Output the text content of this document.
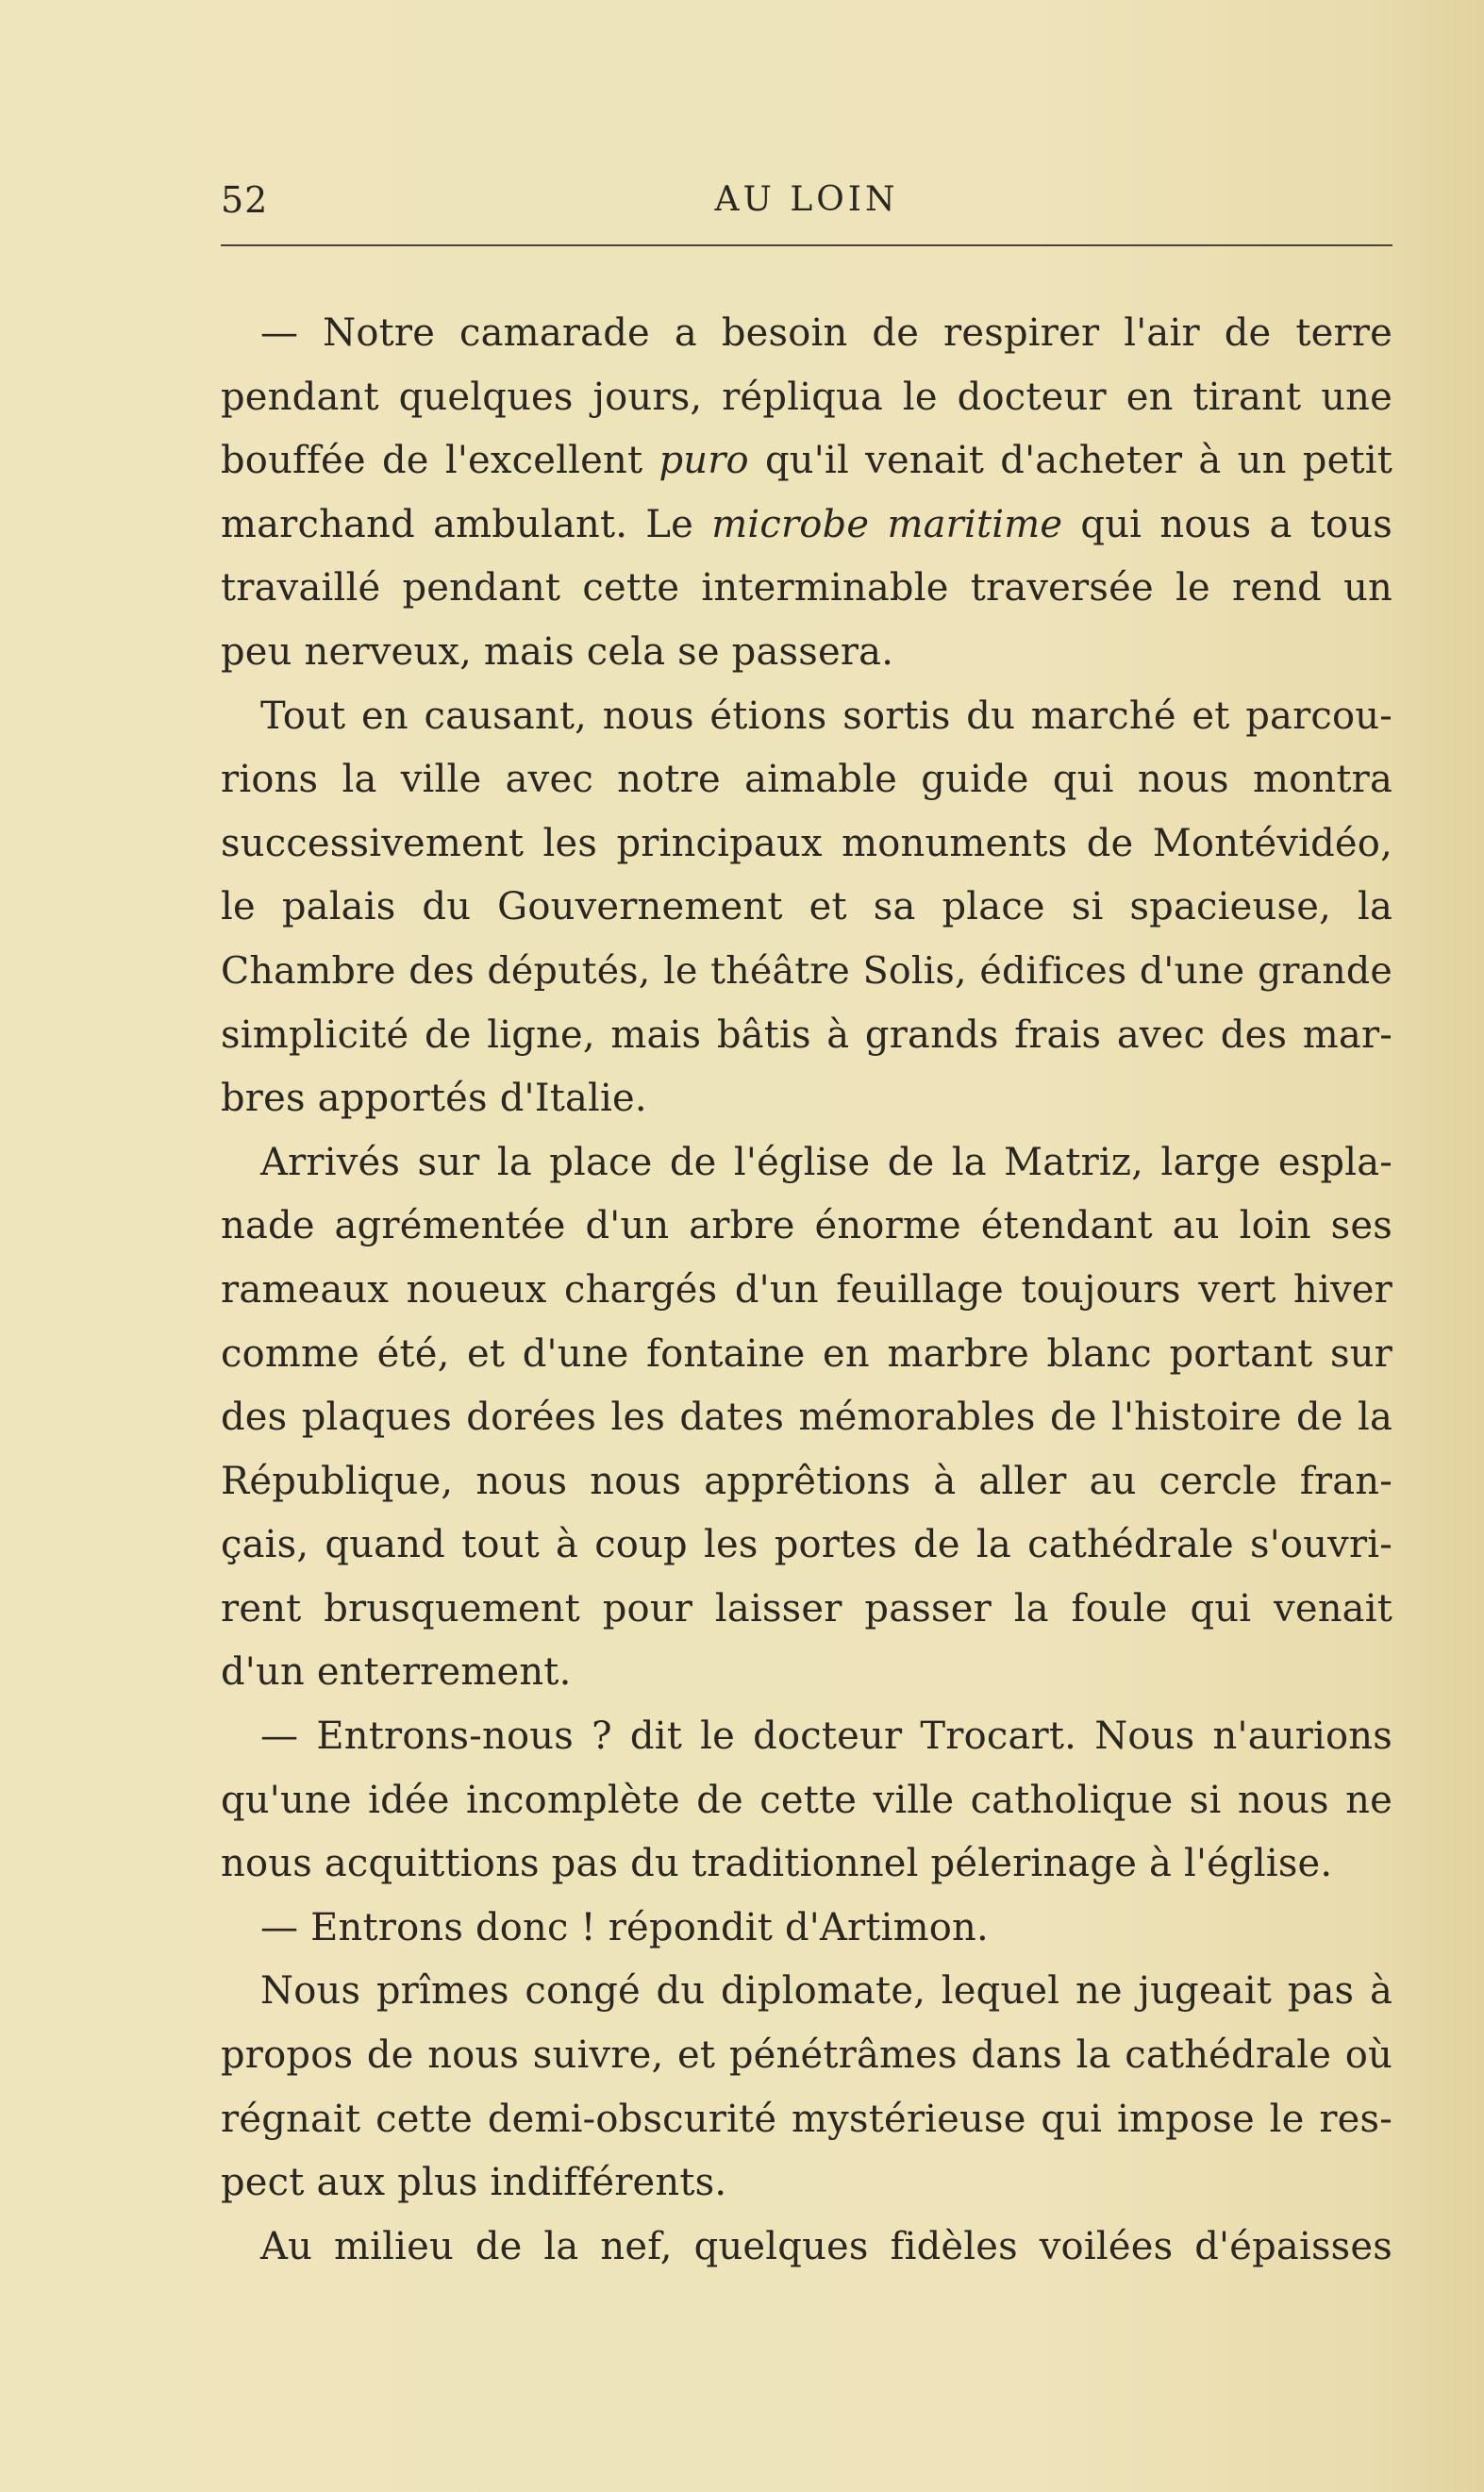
52	AU LOIN
— Notre camarade a besoin de respirer l'air de terre
pendant quelques jours, répliqua le docteur en tirant une
bouffée de l'excellent puro qu'il venait d'acheter à un petit
marchand ambulant. Le microbe maritime qui nous a tous
travaillé pendant cette interminable traversée le rend un
peu nerveux, mais cela se passera.
Tout en causant, nous étions sortis du marché et parcou-
rions la ville avec notre aimable guide qui nous montra
successivement les principaux monuments de Montévidéo,
le palais du Gouvernement et sa place si spacieuse, la
Chambre des députés, le théâtre Solis, édifices d'une grande
simplicité de ligne, mais bâtis à grands frais avec des mar-
bres apportés d'Italie.
Arrivés sur la place de l'église de la Matriz, large espla-
nade agrémentée d'un arbre énorme étendant au loin ses
rameaux noueux chargés d'un feuillage toujours vert hiver
comme été, et d'une fontaine en marbre blanc portant sur
des plaques dorées les dates mémorables de l'histoire de la
République, nous nous apprêtions à aller au cercle fran-
çais, quand tout à coup les portes de la cathédrale s'ouvri-
rent brusquement pour laisser passer la foule qui venait
d'un enterrement.
— Entrons-nous ? dit le docteur Trocart. Nous n'aurions
qu'une idée incomplète de cette ville catholique si nous ne
nous acquittions pas du traditionnel pélerinage à l'église.
— Entrons donc ! répondit d'Artimon.
Nous prîmes congé du diplomate, lequel ne jugeait pas à
propos de nous suivre, et pénétrâmes dans la cathédrale où
régnait cette demi-obscurité mystérieuse qui impose le res-
pect aux plus indifférents.
Au milieu de la nef, quelques fidèles voilées d'épaisses
